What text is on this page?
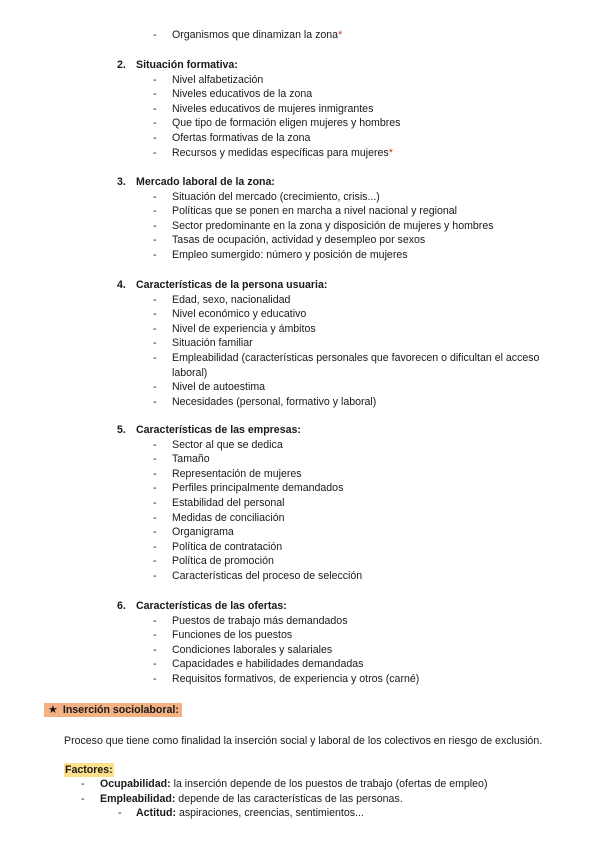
- Organismos que dinamizan la zona*
2. Situación formativa:
- Nivel alfabetización
- Niveles educativos de la zona
- Niveles educativos de mujeres inmigrantes
- Que tipo de formación eligen mujeres y hombres
- Ofertas formativas de la zona
- Recursos y medidas específicas para mujeres*
3. Mercado laboral de la zona:
- Situación del mercado (crecimiento, crisis...)
- Políticas que se ponen en marcha a nivel nacional y regional
- Sector predominante en la zona y disposición de mujeres y hombres
- Tasas de ocupación, actividad y desempleo por sexos
- Empleo sumergido: número y posición de mujeres
4. Características de la persona usuaria:
- Edad, sexo, nacionalidad
- Nivel económico y educativo
- Nivel de experiencia y ámbitos
- Situación familiar
- Empleabilidad (características personales que favorecen o dificultan el acceso
laboral)
- Nivel de autoestima
- Necesidades (personal, formativo y laboral)
5. Características de las empresas:
- Sector al que se dedica
- Tamaño
- Representación de mujeres
- Perfiles principalmente demandados
- Estabilidad del personal
- Medidas de conciliación
- Organigrama
- Política de contratación
- Política de promoción
- Características del proceso de selección
6. Características de las ofertas:
- Puestos de trabajo más demandados
- Funciones de los puestos
- Condiciones laborales y salariales
- Capacidades e habilidades demandadas
- Requisitos formativos, de experiencia y otros (carné)
★ Inserción sociolaboral:
Proceso que tiene como finalidad la inserción social y laboral de los colectivos en riesgo de exclusión.
Factores:
- Ocupabilidad: la inserción depende de los puestos de trabajo (ofertas de empleo)
- Empleabilidad: depende de las características de las personas.
- Actitud: aspiraciones, creencias, sentimientos...
